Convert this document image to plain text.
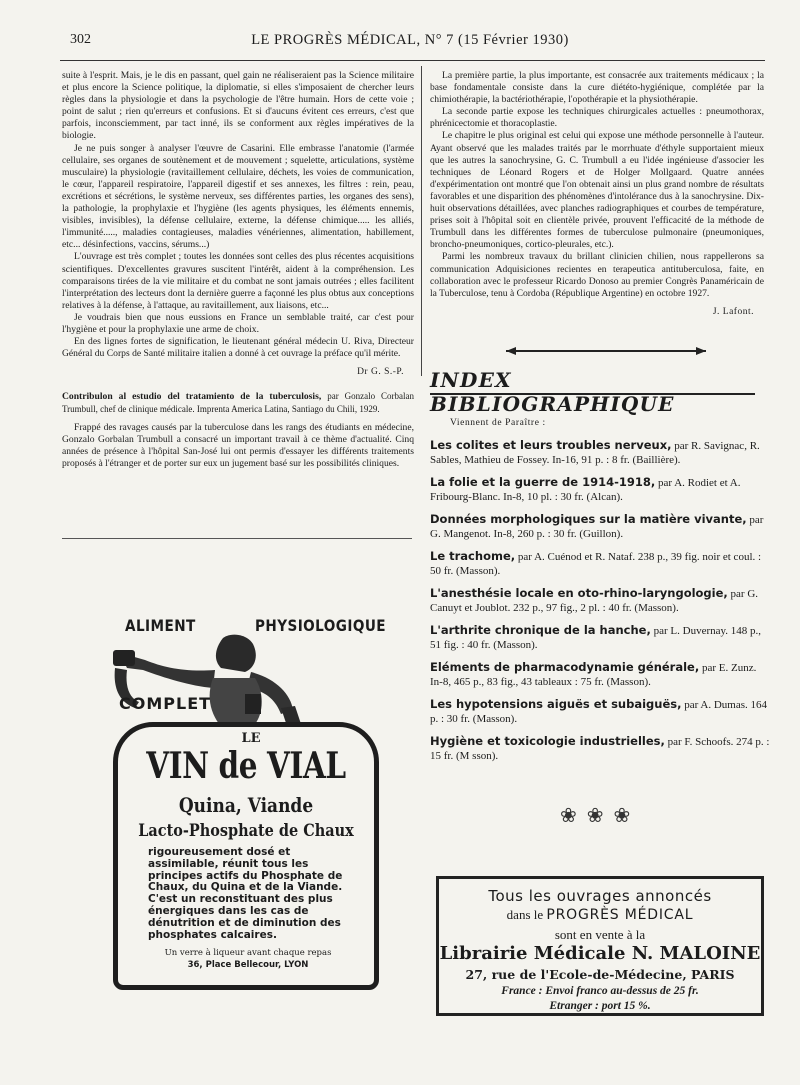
302	LE PROGRÈS MÉDICAL, N° 7 (15 Février 1930)

suite à l'esprit. Mais, je le dis en passant, quel gain ne réaliseraient pas la Science militaire et plus encore la Science politique, la diplomatie, si elles s'imposaient de chercher leurs règles dans la physiologie et dans la psychologie de l'être humain. Hors de cette voie ; point de salut ; rien qu'erreurs et confusions. Et si d'aucuns évitent ces erreurs, c'est que parfois, inconsciemment, par tact inné, ils se conforment aux règles impératives de la biologie.

Je ne puis songer à analyser l'œuvre de Casarini. Elle embrasse l'anatomie (l'armée cellulaire, ses organes de soutènement et de mouvement ; squelette, articulations, système musculaire) la physiologie (ravitaillement cellulaire, déchets, les voies de communication, le cœur, l'appareil respiratoire, l'appareil digestif et ses annexes, les filtres : rein, peau, excrétions et sécrétions, le système nerveux, ses différentes parties, les organes des sens), la pathologie, la prophylaxie et l'hygiène (les agents physiques, les éléments ennemis, visibles, invisibles), la défense cellulaire, externe, la défense chimique..... les alliés, l'immunité....., maladies contagieuses, maladies vénériennes, alimentation, habillement, etc... désinfections, vaccins, sérums...)

L'ouvrage est très complet ; toutes les données sont celles des plus récentes acquisitions scientifiques. D'excellentes gravures suscitent l'intérêt, aident à la compréhension. Les comparaisons tirées de la vie militaire et du combat ne sont jamais outrées ; elles facilitent l'interprétation des lecteurs dont la dernière guerre a façonné les plus obtus aux conceptions relatives à la défense, à l'attaque, au ravitaillement, aux liaisons, etc...

Je voudrais bien que nous eussions en France un semblable traité, car c'est pour l'hygiène et pour la prophylaxie une arme de choix.

En des lignes fortes de signification, le lieutenant général médecin U. Riva, Directeur Général du Corps de Santé militaire italien a donné à cet ouvrage la préface qu'il mérite.

Dr G. S.-P.

Contribulon al estudio del tratamiento de la tuberculosis, par Gonzalo Corbalan Trumbull, chef de clinique médicale. Imprenta America Latina, Santiago du Chili, 1929.

Frappé des ravages causés par la tuberculose dans les rangs des étudiants en médecine, Gonzalo Gorbalan Trumbull a consacré un important travail à ce thème d'actualité. Cinq années de présence à l'hôpital San-José lui ont permis d'essayer les différents traitements proposés à l'étranger et de porter sur eux un jugement basé sur les possibilités cliniques.

ALIMENT	PHYSIOLOGIQUE
COMPLET
LE
VIN de VIAL
Quina, Viande
Lacto-Phosphate de Chaux
rigoureusement dosé et assimilable, réunit tous les principes actifs du Phosphate de Chaux, du Quina et de la Viande. C'est un reconstituant des plus énergiques dans les cas de dénutrition et de diminution des phosphates calcaires.
Un verre à liqueur avant chaque repas
36, Place Bellecour, LYON

La première partie, la plus importante, est consacrée aux traitements médicaux ; la base fondamentale consiste dans la cure diététo-hygiénique, complétée par la chimiothérapie, la bactériothérapie, l'opothérapie et la physiothérapie.

La seconde partie expose les techniques chirurgicales actuelles : pneumothorax, phrénicectomie et thoracoplastie.

Le chapitre le plus original est celui qui expose une méthode personnelle à l'auteur. Ayant observé que les malades traités par le morrhuate d'éthyle supportaient mieux que les autres la sanochrysine, G. C. Trumbull a eu l'idée ingénieuse d'associer les techniques de Léonard Rogers et de Holger Mollgaard. Quatre années d'expérimentation ont montré que l'on obtenait ainsi un plus grand nombre de résultats favorables et une disparition des phénomènes d'intolérance dus à la sanochrysine. Dix-huit observations détaillées, avec planches radiographiques et courbes de température, prises soit à l'hôpital soit en clientèle privée, prouvent l'efficacité de la méthode de Trumbull dans les différentes formes de tuberculose pulmonaire (pneumoniques, broncho-pneumoniques, cortico-pleurales, etc.).

Parmi les nombreux travaux du brillant clinicien chilien, nous rappellerons sa communication Adquisiciones recientes en terapeutica antituberculosa, faite, en collaboration avec le professeur Ricardo Donoso au premier Congrès Panaméricain de la Tuberculose, tenu à Cordoba (République Argentine) en octobre 1927.

J. Lafont.
INDEX BIBLIOGRAPHIQUE
Viennent de Paraître :
Les colites et leurs troubles nerveux, par R. Savignac, R. Sables, Mathieu de Fossey. In-16, 91 p. : 8 fr. (Baillière).
La folie et la guerre de 1914-1918, par A. Rodiet et A. Fribourg-Blanc. In-8, 10 pl. : 30 fr. (Alcan).
Données morphologiques sur la matière vivante, par G. Mangenot. In-8, 260 p. : 30 fr. (Guillon).
Le trachome, par A. Cuénod et R. Nataf. 238 p., 39 fig. noir et coul. : 50 fr. (Masson).
L'anesthésie locale en oto-rhino-laryngologie, par G. Canuyt et Joublot. 232 p., 97 fig., 2 pl. : 40 fr. (Masson).
L'arthrite chronique de la hanche, par L. Duvernay. 148 p., 51 fig. : 40 fr. (Masson).
Eléments de pharmacodynamie générale, par E. Zunz. In-8, 465 p., 83 fig., 43 tableaux : 75 fr. (Masson).
Les hypotensions aiguës et subaiguës, par A. Dumas. 164 p. : 30 fr. (Masson).
Hygiène et toxicologie industrielles, par F. Schoofs. 274 p. : 15 fr. (M sson).
❀❀❀
Tous les ouvrages annoncés
dans le PROGRÈS MÉDICAL
sont en vente à la
Librairie Médicale N. MALOINE
27, rue de l'Ecole-de-Médecine, PARIS
France : Envoi franco au-dessus de 25 fr.
Etranger : port 15 %.
